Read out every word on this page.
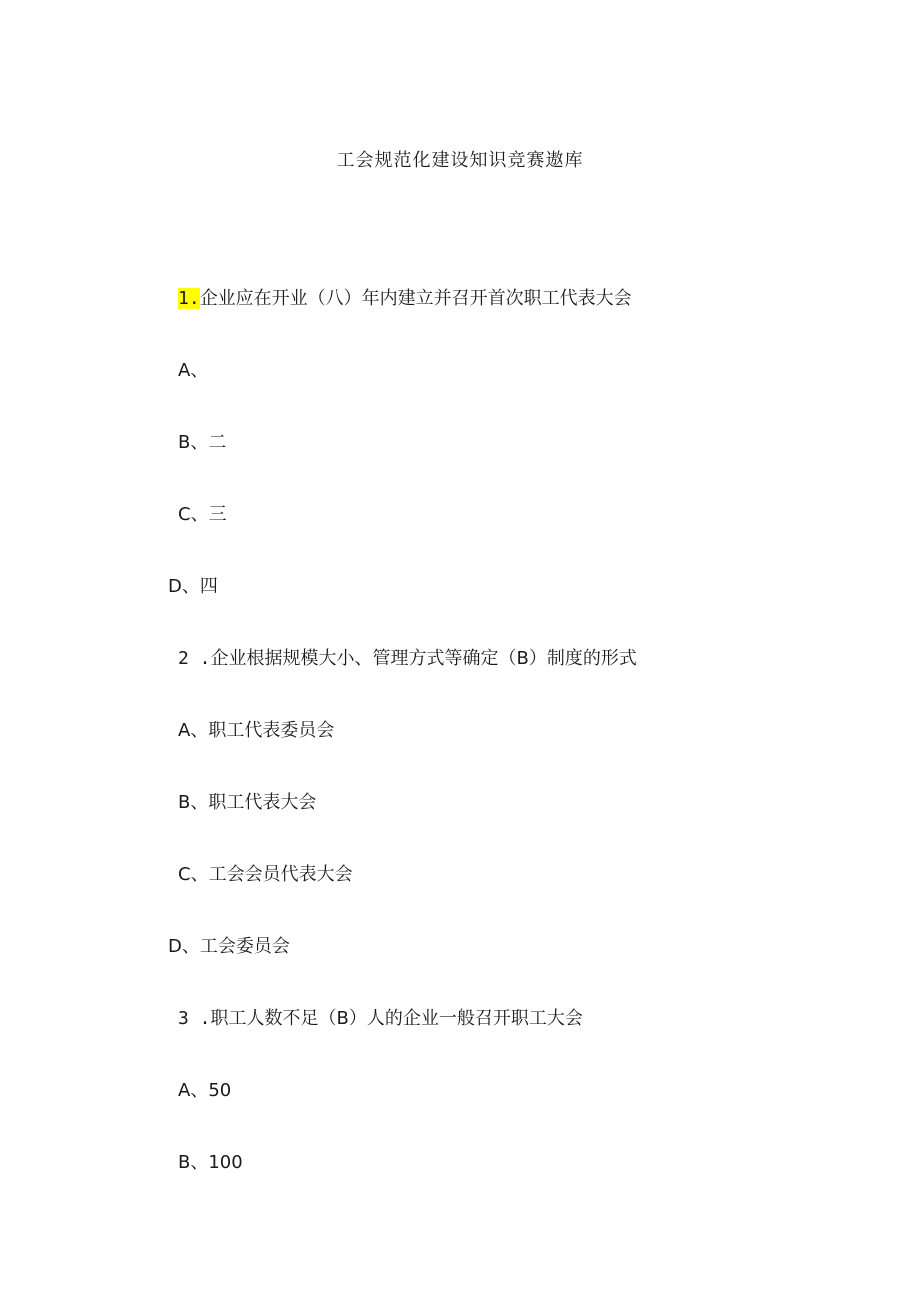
工会规范化建设知识竞赛遨库
1.企业应在开业（八）年内建立并召开首次职工代表大会
A、
B、二
C、三
D、四
2 .企业根据规模大小、管理方式等确定（B）制度的形式
A、职工代表委员会
B、职工代表大会
C、工会会员代表大会
D、工会委员会
3 .职工人数不足（B）人的企业一般召开职工大会
A、50
B、100
